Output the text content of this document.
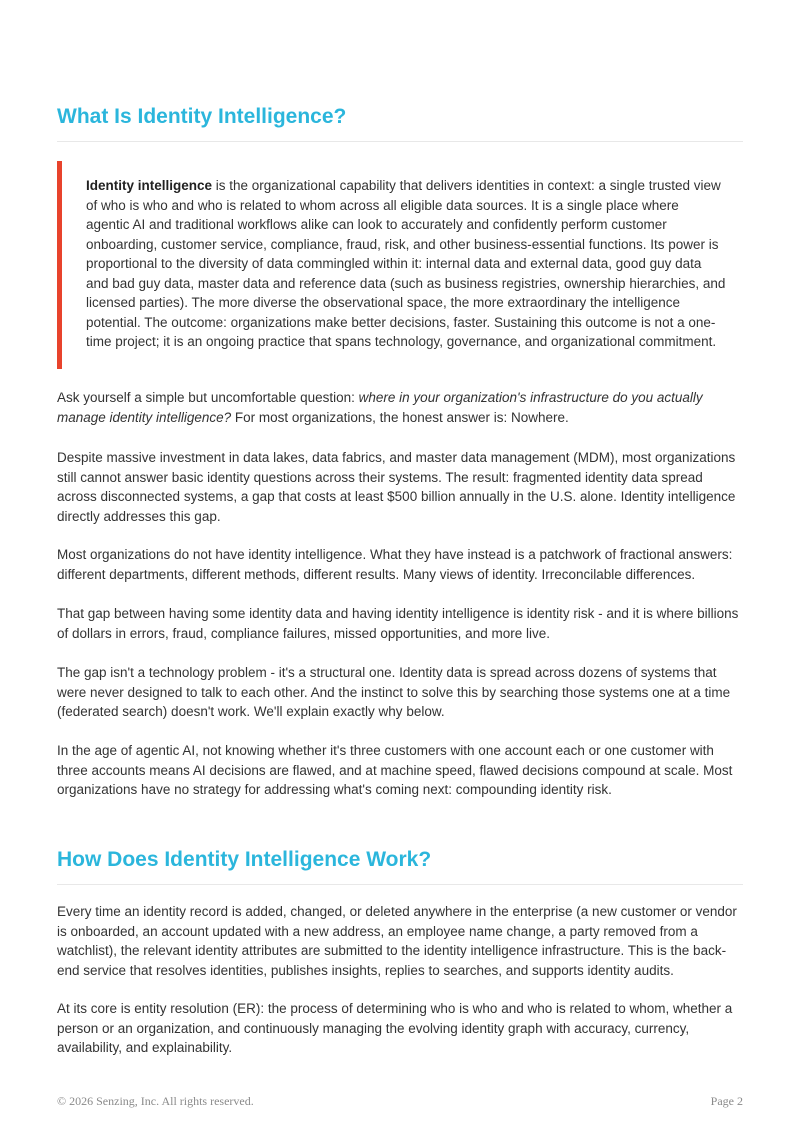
What Is Identity Intelligence?

Identity intelligence is the organizational capability that delivers identities in context: a single trusted view of who is who and who is related to whom across all eligible data sources. It is a single place where agentic AI and traditional workflows alike can look to accurately and confidently perform customer onboarding, customer service, compliance, fraud, risk, and other business-essential functions. Its power is proportional to the diversity of data commingled within it: internal data and external data, good guy data and bad guy data, master data and reference data (such as business registries, ownership hierarchies, and licensed parties). The more diverse the observational space, the more extraordinary the intelligence potential. The outcome: organizations make better decisions, faster. Sustaining this outcome is not a one-time project; it is an ongoing practice that spans technology, governance, and organizational commitment.

Ask yourself a simple but uncomfortable question: where in your organization's infrastructure do you actually manage identity intelligence? For most organizations, the honest answer is: Nowhere.

Despite massive investment in data lakes, data fabrics, and master data management (MDM), most organizations still cannot answer basic identity questions across their systems. The result: fragmented identity data spread across disconnected systems, a gap that costs at least $500 billion annually in the U.S. alone. Identity intelligence directly addresses this gap.

Most organizations do not have identity intelligence. What they have instead is a patchwork of fractional answers: different departments, different methods, different results. Many views of identity. Irreconcilable differences.

That gap between having some identity data and having identity intelligence is identity risk - and it is where billions of dollars in errors, fraud, compliance failures, missed opportunities, and more live.

The gap isn't a technology problem - it's a structural one. Identity data is spread across dozens of systems that were never designed to talk to each other. And the instinct to solve this by searching those systems one at a time (federated search) doesn't work. We'll explain exactly why below.

In the age of agentic AI, not knowing whether it's three customers with one account each or one customer with three accounts means AI decisions are flawed, and at machine speed, flawed decisions compound at scale. Most organizations have no strategy for addressing what's coming next: compounding identity risk.

How Does Identity Intelligence Work?

Every time an identity record is added, changed, or deleted anywhere in the enterprise (a new customer or vendor is onboarded, an account updated with a new address, an employee name change, a party removed from a watchlist), the relevant identity attributes are submitted to the identity intelligence infrastructure. This is the back-end service that resolves identities, publishes insights, replies to searches, and supports identity audits.

At its core is entity resolution (ER): the process of determining who is who and who is related to whom, whether a person or an organization, and continuously managing the evolving identity graph with accuracy, currency, availability, and explainability.

© 2026 Senzing, Inc. All rights reserved.	Page 2
